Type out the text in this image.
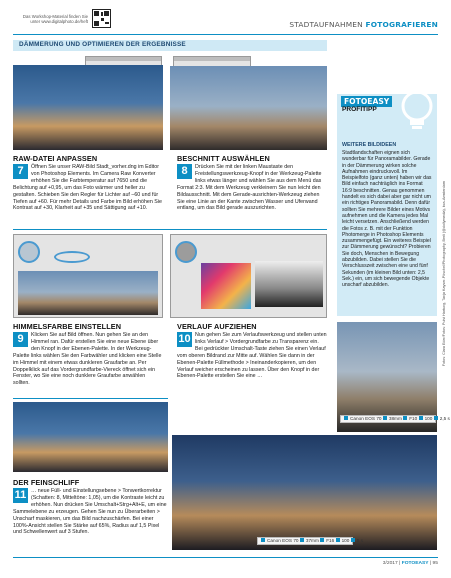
Das Workshop-Material finden Sie unter www.digitalphoto.de/heft	STADTAUFNAHMEN FOTOGRAFIEREN
DÄMMERUNG UND OPTIMIEREN DER ERGEBNISSE
RAW-DATEI ANPASSEN
7	Öffnen Sie unser RAW-Bild Stadt_vorher.dng im Editor von Photoshop Elements. Im Camera Raw Konverter erhöhen Sie die Farbtemperatur auf 7650 und die Belichtung auf +0,95, um das Foto wärmer und heller zu gestalten. Schieben Sie den Regler für Lichter auf –60 und für Tiefen auf +60. Für mehr Details und Farbe im Bild erhöhen Sie Kontrast auf +30, Klarheit auf +35 und Sättigung auf +10.
BESCHNITT AUSWÄHLEN
8	Drücken Sie mit der linken Maustaste den Freistellungswerkzeug-Knopf in der Werkzeug-Palette links etwas länger und wählen Sie aus dem Menü das Format 2:3. Mit dem Werkzeug verkleinern Sie nun leicht den Bildausschnitt. Mit dem Gerade-ausrichten-Werkzeug ziehen Sie eine Linie an der Kante zwischen Wasser und Uferwand entlang, um das Bild gerade auszurichten.
HIMMELSFARBE EINSTELLEN
9	Klicken Sie auf Bild öffnen. Nun gehen Sie an den Himmel ran. Dafür erstellen Sie eine neue Ebene über den Knopf in der Ebenen-Palette. In der Werkzeug-Palette links wählen Sie den Farbwähler und klicken eine Stelle im Himmel mit einem etwas dunkleren Graufarbe an. Per Doppelklick auf das Vordergrundfarbe-Viereck öffnet sich ein Fenster, wo Sie eine noch dunklere Graufarbe anwählen sollten.
VERLAUF AUFZIEHEN
10 Nun gehen Sie zum Verlaufswerkzeug und stellen unten links Verlauf > Vordergrundfarbe zu Transparenz ein. Bei gedrückter Umschalt-Taste ziehen Sie einen Verlauf vom oberen Bildrand zur Mitte auf. Wählen Sie dann in der Ebenen-Palette Füllmethode > Ineinanderkopieren, um den Verlauf weicher erscheinen zu lassen. Über den Knopf in der Ebenen-Palette erstellen Sie eine …
DER FEINSCHLIFF
11 … neue Füll- und Einstellungsebene > Tonwertkorrektur (Schatten: 8, Mitteltöne: 1,05), um die Kontraste leicht zu erhöhen. Nun drücken Sie Umschalt+Strg+Alt+E, um eine Sammelebene zu erzeugen. Gehen Sie nun zu Überarbeiten > Unscharf maskieren, um das Bild nachzuschärfen. Bei einer 100%-Ansicht stellen Sie Stärke auf 65%, Radius auf 1,5 Pixel und Schwellenwert auf 3 Stufen.
FOTOEASY
PROFITIPP
WEITERE BILDIDEEN
Stadtlandschaften eignen sich wunderbar für Panoramabilder. Gerade in der Dämmerung wirken solche Aufnahmen eindrucksvoll. Im Beispielfoto (ganz unten) haben wir das Bild einfach nachträglich ins Format 16:9 beschnitten. Genau genommen handelt es sich dabei aber gar nicht um ein richtiges Panoramabild. Denn dafür sollten Sie mehrere Bilder eines Motivs aufnehmen und die Kamera jedes Mal leicht versetzen. Anschließend werden die Fotos z. B. mit der Funktion Photomerge in Photoshop Elements zusammengefügt. Ein weiteres Beispiel zur Dämmerung gewünscht? Probieren Sie doch, Menschen in Bewegung abzubilden. Dabei stellen Sie die Verschlusszeit zwischen eine und fünf Sekunden (im kleinen Bild unten: 2,5 Sek.) ein, um sich bewegende Objekte unscharf abzubilden.	Fotos: Clara Eder/Fotos: Pulvi Hartung, Tanja Kayser-Pöschel/Photography, Berli (@dollymedia), bus-Amsterdam
Canon EOS 70 38mm F10 100 2,5 s
Canon EOS 70 37mm F16 100 5 s
3/2017 | FOTOEASY | 95
